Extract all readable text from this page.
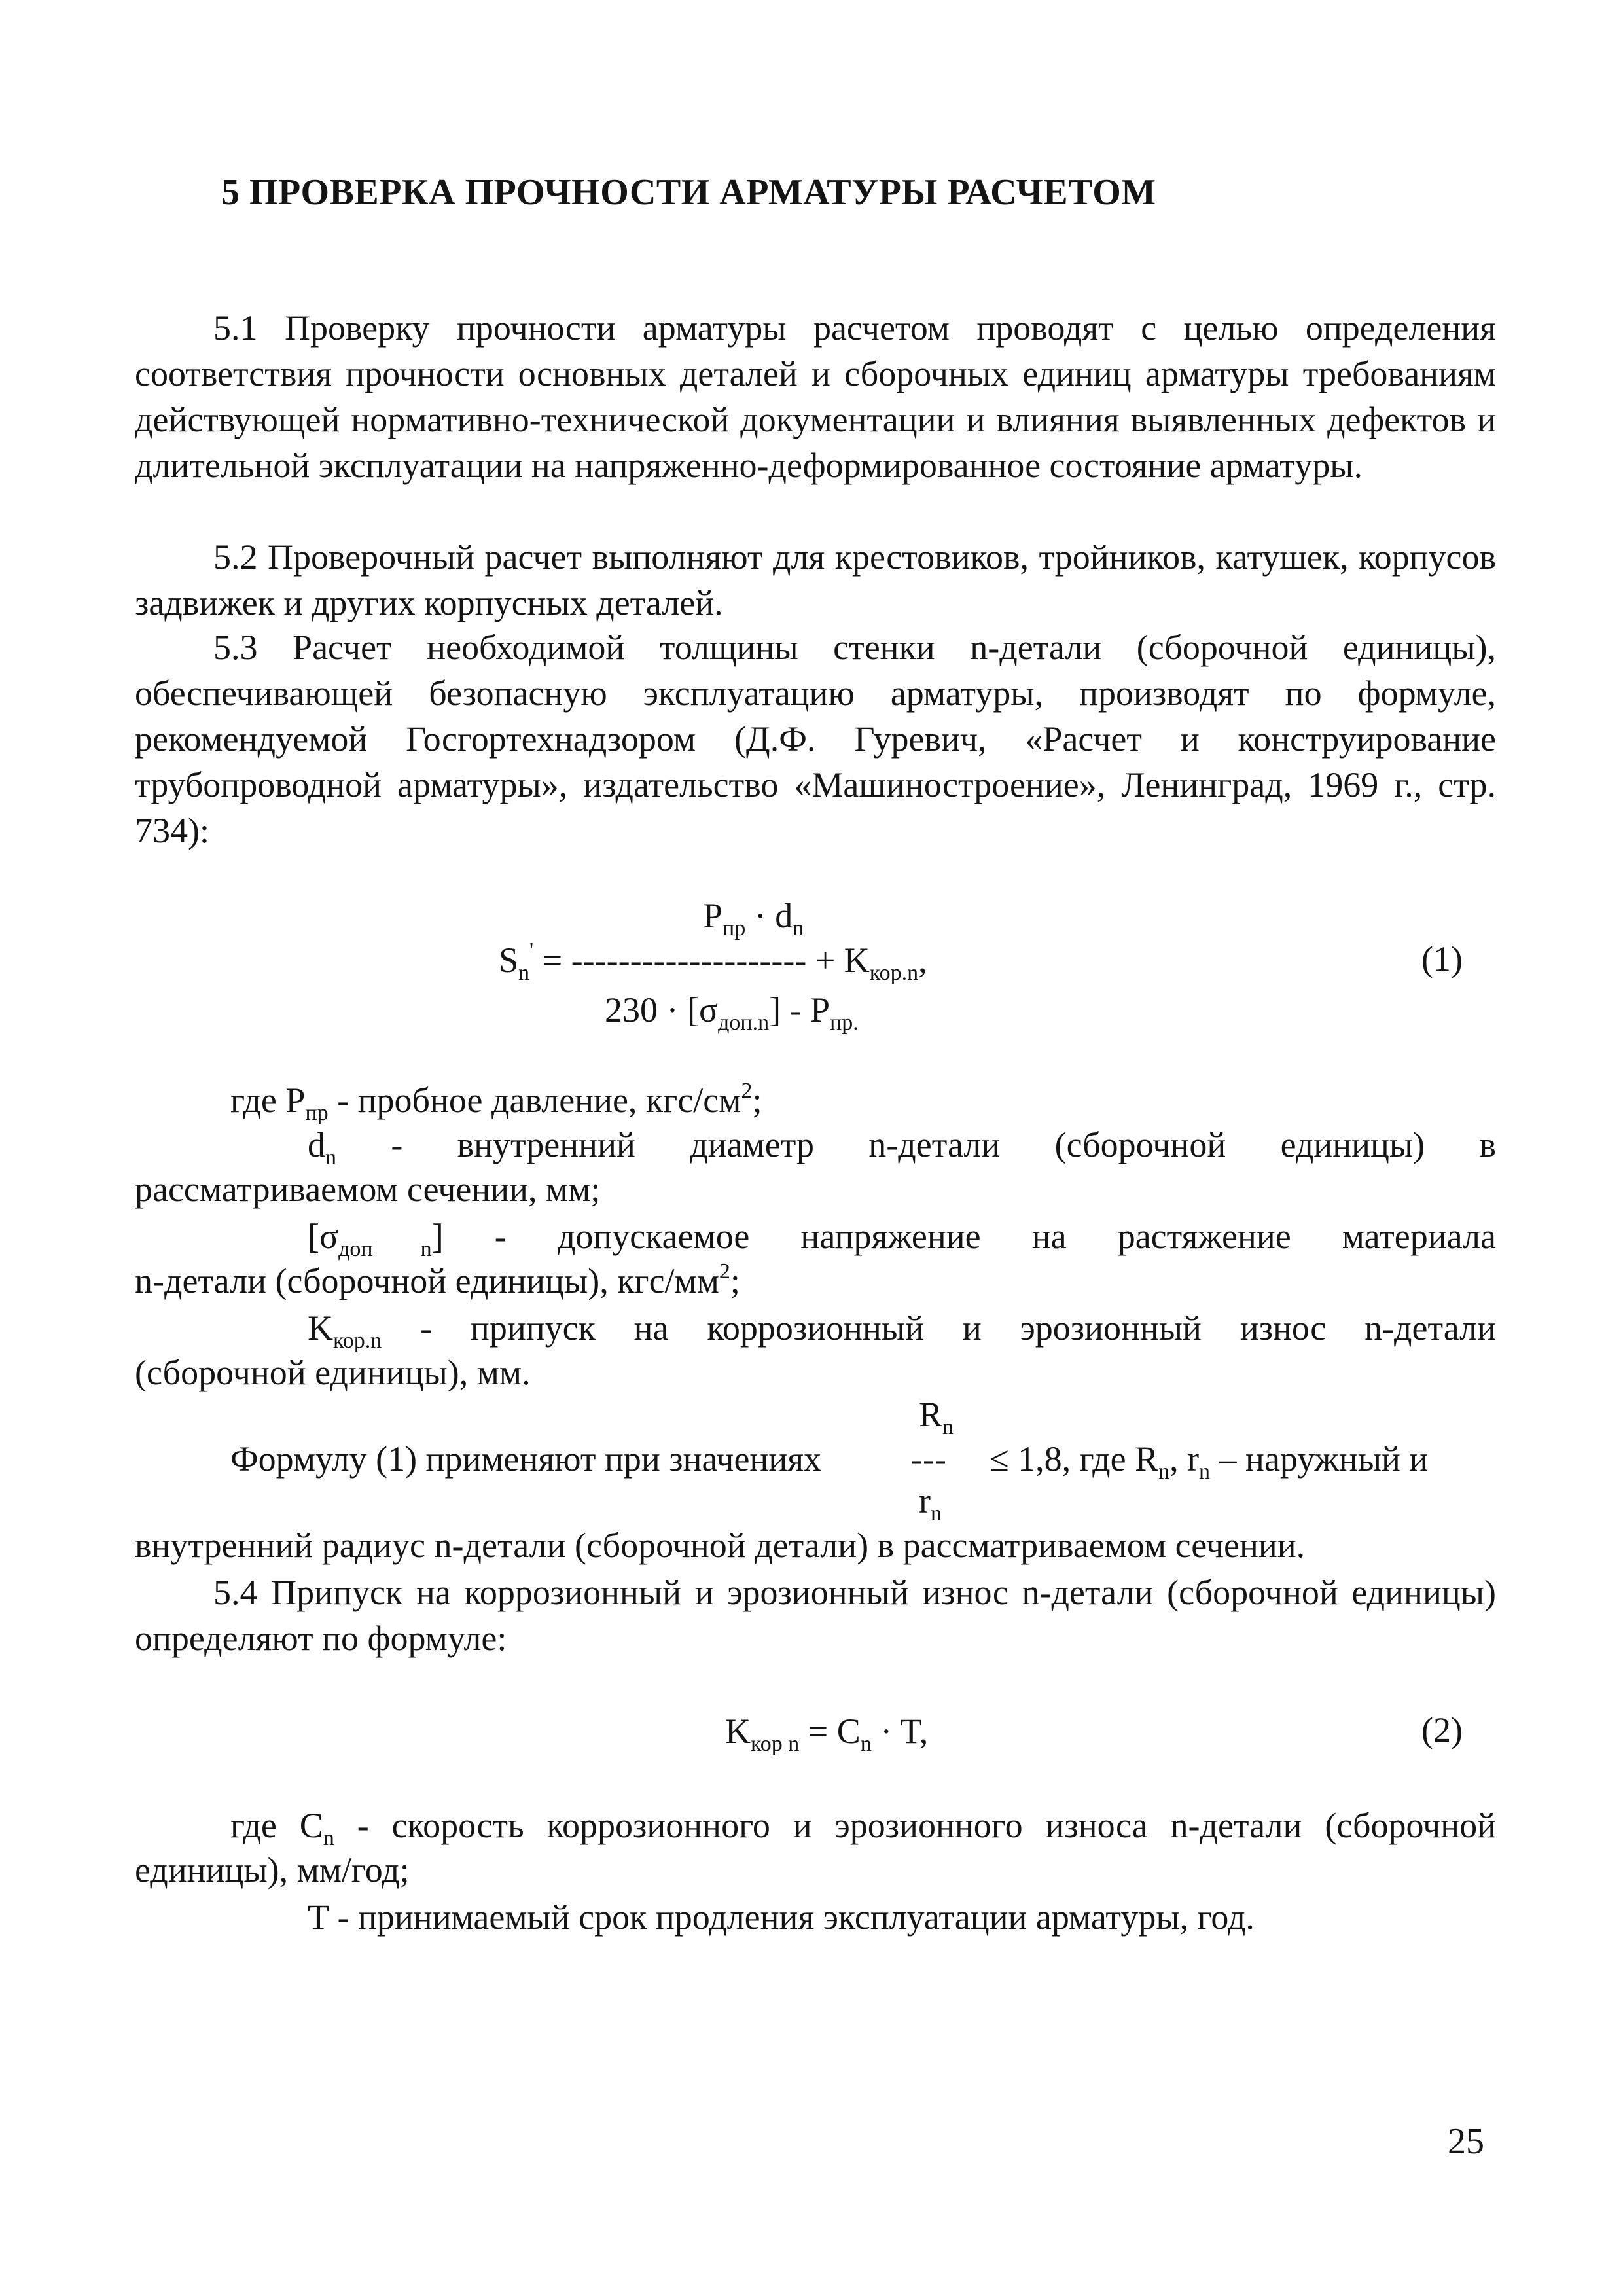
5 ПРОВЕРКА ПРОЧНОСТИ АРМАТУРЫ РАСЧЕТОМ
5.1 Проверку прочности арматуры расчетом проводят с целью определения соответствия прочности основных деталей и сборочных единиц арматуры требованиям действующей нормативно-технической документации и влияния выявленных дефектов и длительной эксплуатации на напряженно-деформированное состояние арматуры.
5.2 Проверочный расчет выполняют для крестовиков, тройников, катушек, корпусов задвижек и других корпусных деталей.
5.3 Расчет необходимой толщины стенки n-детали (сборочной единицы), обеспечивающей безопасную эксплуатацию арматуры, производят по формуле, рекомендуемой Госгортехнадзором (Д.Ф. Гуревич, «Расчет и конструирование трубопроводной арматуры», издательство «Машиностроение», Ленинград, 1969 г., стр. 734):
$P_{пр} \cdot d_n$
$S_n'$ = -------------------- + $K_{кор.n}$,	(1)
$230 \cdot [\sigma_{доп.n}] - P_{пр.}$
где $P_{пр}$ - пробное давление, кгс/$см^2$;
$d_n$ - внутренний диаметр n-детали (сборочной единицы) в
рассматриваемом сечении, мм;
$[\sigma_{доп n}]$ - допускаемое напряжение на растяжение материала
n-детали (сборочной единицы), кгс/$мм^2$;
$K_{кор.n}$ - припуск на коррозионный и эрозионный износ n-детали
(сборочной единицы), мм.
$R_n$
Формулу (1) применяют при значениях	--- ≤ 1,8, где $R_n$, $r_n$ – наружный и
$r_n$
внутренний радиус n-детали (сборочной детали) в рассматриваемом сечении.
5.4 Припуск на коррозионный и эрозионный износ n-детали (сборочной единицы) определяют по формуле:
$K_{кор n} = C_n \cdot T$,	(2)
где $C_n$ - скорость коррозионного и эрозионного износа n-детали (сборочной
единицы), мм/год;
T - принимаемый срок продления эксплуатации арматуры, год.
25
